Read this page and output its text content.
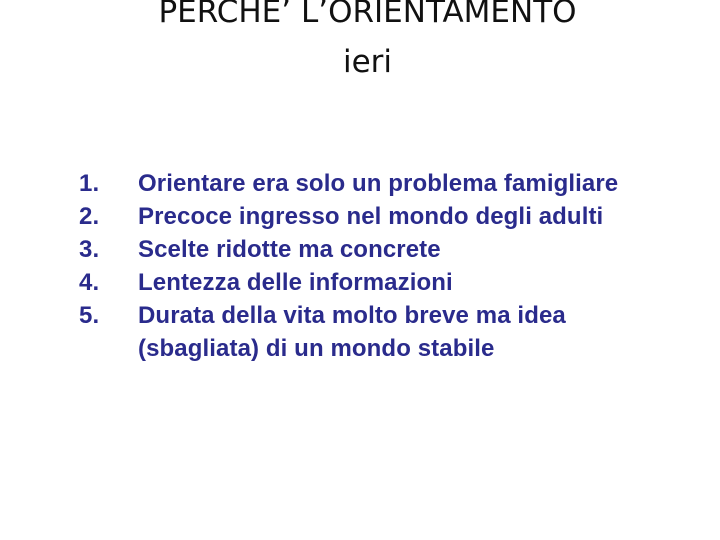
PERCHE’ L’ORIENTAMENTO
ieri
1. Orientare era solo un problema famigliare
2. Precoce ingresso nel mondo degli adulti
3. Scelte ridotte ma concrete
4. Lentezza delle informazioni
5. Durata della vita molto breve ma idea (sbagliata) di un mondo stabile
